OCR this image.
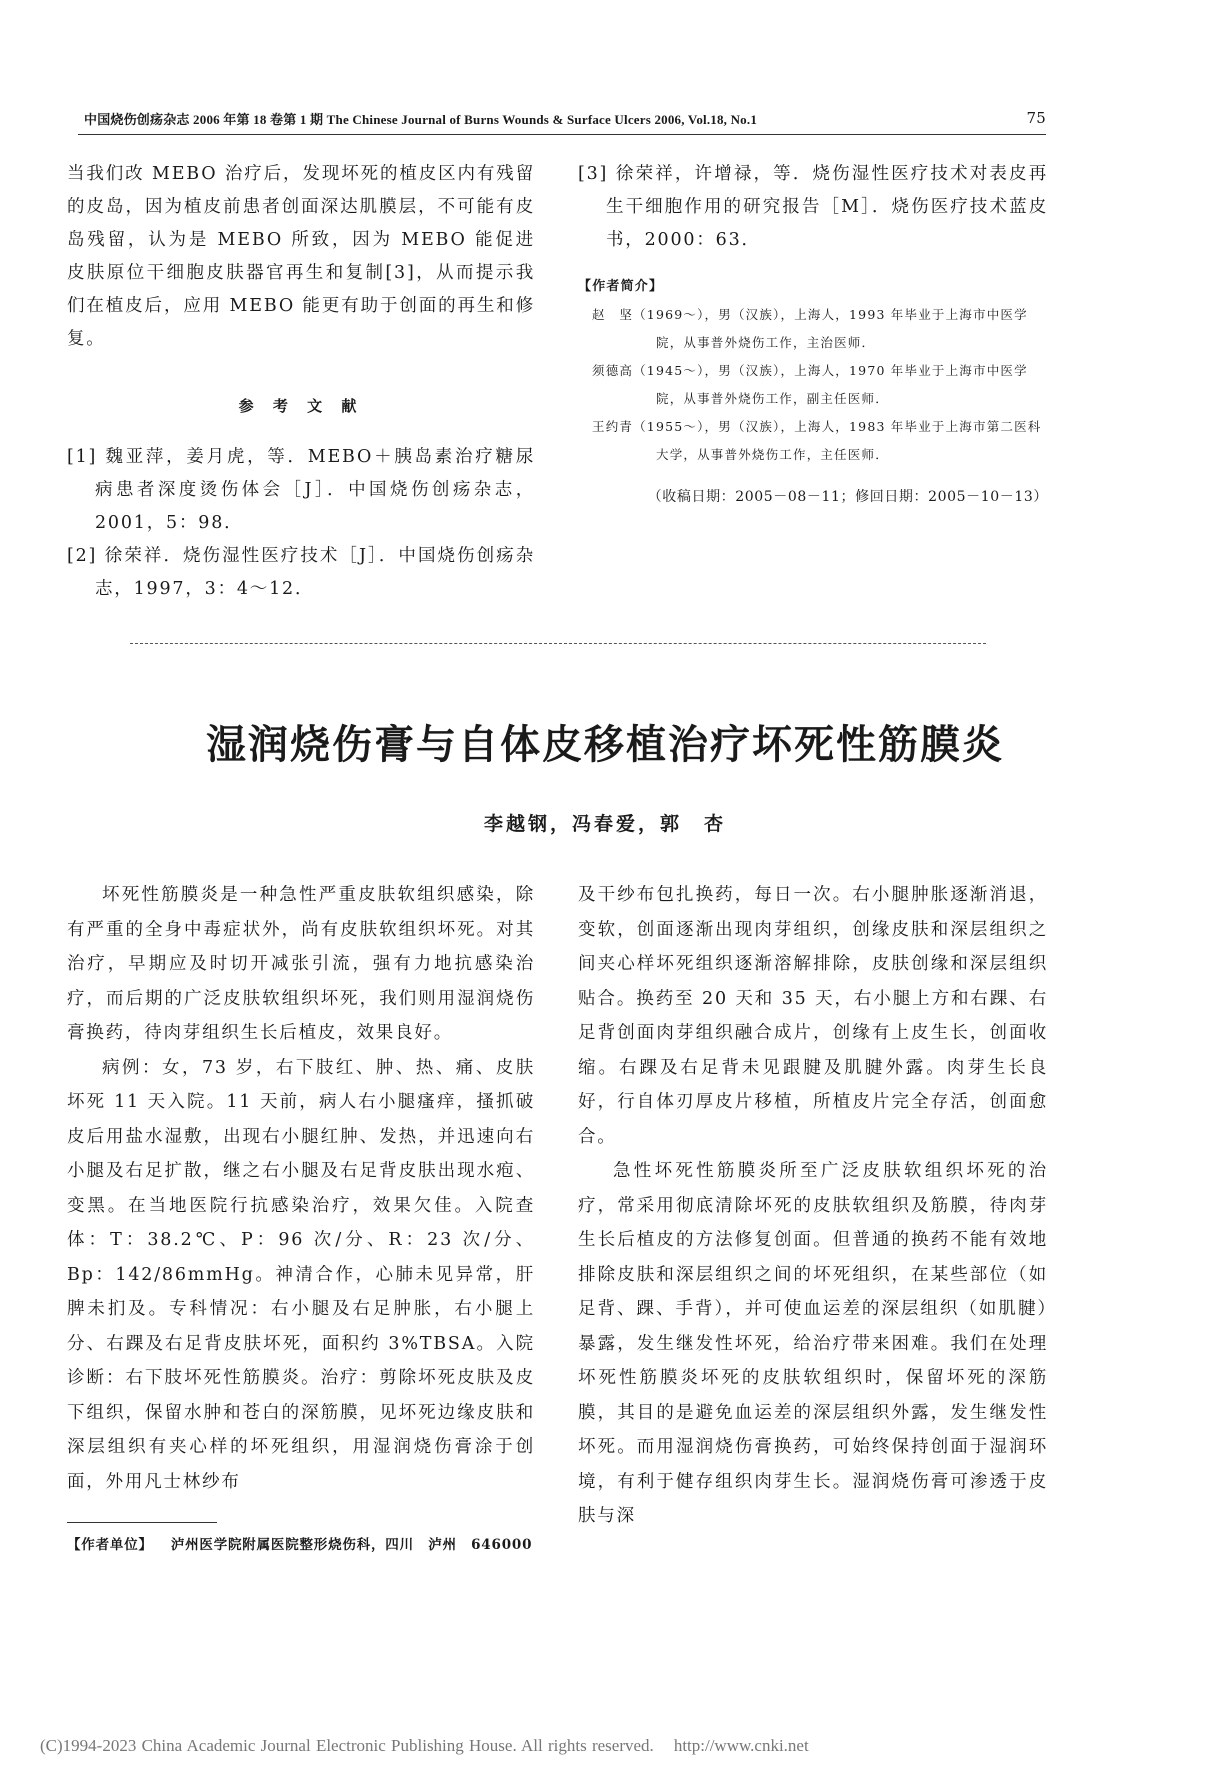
中国烧伤创疡杂志 2006 年第 18 卷第 1 期 The Chinese Journal of Burns Wounds & Surface Ulcers 2006, Vol.18, No.1	75

当我们改 MEBO 治疗后，发现坏死的植皮区内有残留的皮岛，因为植皮前患者创面深达肌膜层，不可能有皮岛残留，认为是 MEBO 所致，因为 MEBO 能促进皮肤原位干细胞皮肤器官再生和复制[3]，从而提示我们在植皮后，应用 MEBO 能更有助于创面的再生和修复。

参 考 文 献

[1] 魏亚萍，姜月虎，等．MEBO＋胰岛素治疗糖尿病患者深度烫伤体会［J］．中国烧伤创疡杂志，2001，5：98．

[2] 徐荣祥．烧伤湿性医疗技术［J］．中国烧伤创疡杂志，1997，3：4～12．

[3] 徐荣祥，许增禄，等．烧伤湿性医疗技术对表皮再生干细胞作用的研究报告［M］．烧伤医疗技术蓝皮书，2000：63．

【作者简介】
赵　坚（1969～），男（汉族），上海人，1993 年毕业于上海市中医学院，从事普外烧伤工作，主治医师．
须德高（1945～），男（汉族），上海人，1970 年毕业于上海市中医学院，从事普外烧伤工作，副主任医师．
王约青（1955～），男（汉族），上海人，1983 年毕业于上海市第二医科大学，从事普外烧伤工作，主任医师．
（收稿日期：2005－08－11；修回日期：2005－10－13）
湿润烧伤膏与自体皮移植治疗坏死性筋膜炎
李越钢，冯春爱，郭　杏

坏死性筋膜炎是一种急性严重皮肤软组织感染，除有严重的全身中毒症状外，尚有皮肤软组织坏死。对其治疗，早期应及时切开减张引流，强有力地抗感染治疗，而后期的广泛皮肤软组织坏死，我们则用湿润烧伤膏换药，待肉芽组织生长后植皮，效果良好。

病例：女，73 岁，右下肢红、肿、热、痛、皮肤坏死 11 天入院。11 天前，病人右小腿瘙痒，搔抓破皮后用盐水湿敷，出现右小腿红肿、发热，并迅速向右小腿及右足扩散，继之右小腿及右足背皮肤出现水疱、变黑。在当地医院行抗感染治疗，效果欠佳。入院查体：T：38.2℃、P：96 次/分、R：23 次/分、Bp：142/86mmHg。神清合作，心肺未见异常，肝脾未扪及。专科情况：右小腿及右足肿胀，右小腿上分、右踝及右足背皮肤坏死，面积约 3%TBSA。入院诊断：右下肢坏死性筋膜炎。治疗：剪除坏死皮肤及皮下组织，保留水肿和苍白的深筋膜，见坏死边缘皮肤和深层组织有夹心样的坏死组织，用湿润烧伤膏涂于创面，外用凡士林纱布

及干纱布包扎换药，每日一次。右小腿肿胀逐渐消退，变软，创面逐渐出现肉芽组织，创缘皮肤和深层组织之间夹心样坏死组织逐渐溶解排除，皮肤创缘和深层组织贴合。换药至 20 天和 35 天，右小腿上方和右踝、右足背创面肉芽组织融合成片，创缘有上皮生长，创面收缩。右踝及右足背未见跟腱及肌腱外露。肉芽生长良好，行自体刃厚皮片移植，所植皮片完全存活，创面愈合。

急性坏死性筋膜炎所至广泛皮肤软组织坏死的治疗，常采用彻底清除坏死的皮肤软组织及筋膜，待肉芽生长后植皮的方法修复创面。但普通的换药不能有效地排除皮肤和深层组织之间的坏死组织，在某些部位（如足背、踝、手背），并可使血运差的深层组织（如肌腱）暴露，发生继发性坏死，给治疗带来困难。我们在处理坏死性筋膜炎坏死的皮肤软组织时，保留坏死的深筋膜，其目的是避免血运差的深层组织外露，发生继发性坏死。而用湿润烧伤膏换药，可始终保持创面于湿润环境，有利于健存组织肉芽生长。湿润烧伤膏可渗透于皮肤与深

【作者单位】 泸州医学院附属医院整形烧伤科，四川　泸州　646000
(C)1994-2023 China Academic Journal Electronic Publishing House. All rights reserved. http://www.cnki.net
